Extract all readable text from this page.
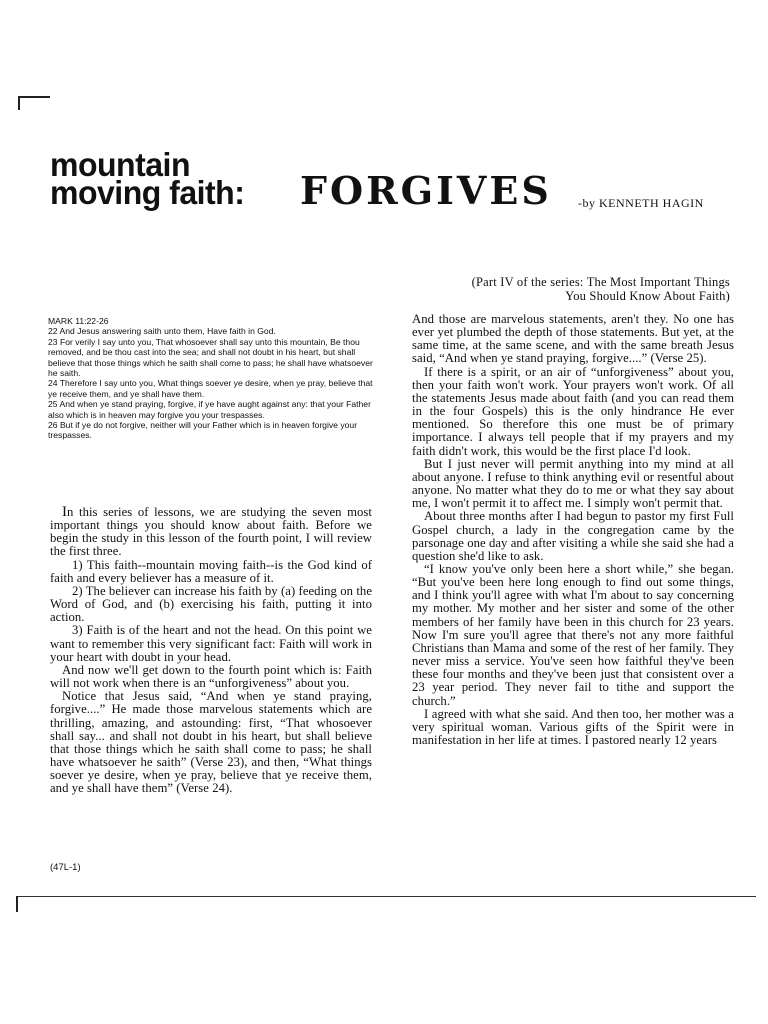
mountain
moving faith: FORGIVES -by KENNETH HAGIN
(Part IV of the series: The Most Important Things
You Should Know About Faith)

MARK 11:22-26

22 And Jesus answering saith unto them, Have faith in God.

23 For verily I say unto you, That whosoever shall say unto this mountain, Be thou removed, and be thou cast into the sea; and shall not doubt in his heart, but shall believe that those things which he saith shall come to pass; he shall have whatsoever he saith.

24 Therefore I say unto you, What things soever ye desire, when ye pray, believe that ye receive them, and ye shall have them.

25 And when ye stand praying, forgive, if ye have aught against any: that your Father also which is in heaven may forgive you your trespasses.

26 But if ye do not forgive, neither will your Father which is in heaven forgive your trespasses.

In this series of lessons, we are studying the seven most important things you should know about faith. Before we begin the study in this lesson of the fourth point, I will review the first three.

1) This faith--mountain moving faith--is the God kind of faith and every believer has a measure of it.

2) The believer can increase his faith by (a) feeding on the Word of God, and (b) exercising his faith, putting it into action.

3) Faith is of the heart and not the head. On this point we want to remember this very significant fact: Faith will work in your heart with doubt in your head.

And now we'll get down to the fourth point which is: Faith will not work when there is an “unforgiveness” about you.

Notice that Jesus said, “And when ye stand praying, forgive....” He made those marvelous statements which are thrilling, amazing, and astounding: first, “That whosoever shall say... and shall not doubt in his heart, but shall believe that those things which he saith shall come to pass; he shall have whatsoever he saith” (Verse 23), and then, “What things soever ye desire, when ye pray, believe that ye receive them, and ye shall have them” (Verse 24).

And those are marvelous statements, aren't they. No one has ever yet plumbed the depth of those statements. But yet, at the same time, at the same scene, and with the same breath Jesus said, “And when ye stand praying, forgive....” (Verse 25).

If there is a spirit, or an air of “unforgiveness” about you, then your faith won't work. Your prayers won't work. Of all the statements Jesus made about faith (and you can read them in the four Gospels) this is the only hindrance He ever mentioned. So therefore this one must be of primary importance. I always tell people that if my prayers and my faith didn't work, this would be the first place I'd look.

But I just never will permit anything into my mind at all about anyone. I refuse to think anything evil or resentful about anyone. No matter what they do to me or what they say about me, I won't permit it to affect me. I simply won't permit that.

About three months after I had begun to pastor my first Full Gospel church, a lady in the congregation came by the parsonage one day and after visiting a while she said she had a question she'd like to ask.

“I know you've only been here a short while,” she began. “But you've been here long enough to find out some things, and I think you'll agree with what I'm about to say concerning my mother. My mother and her sister and some of the other members of her family have been in this church for 23 years. Now I'm sure you'll agree that there's not any more faithful Christians than Mama and some of the rest of her family. They never miss a service. You've seen how faithful they've been these four months and they've been just that consistent over a 23 year period. They never fail to tithe and support the church.”

I agreed with what she said. And then too, her mother was a very spiritual woman. Various gifts of the Spirit were in manifestation in her life at times. I pastored nearly 12 years

(47L-1)
